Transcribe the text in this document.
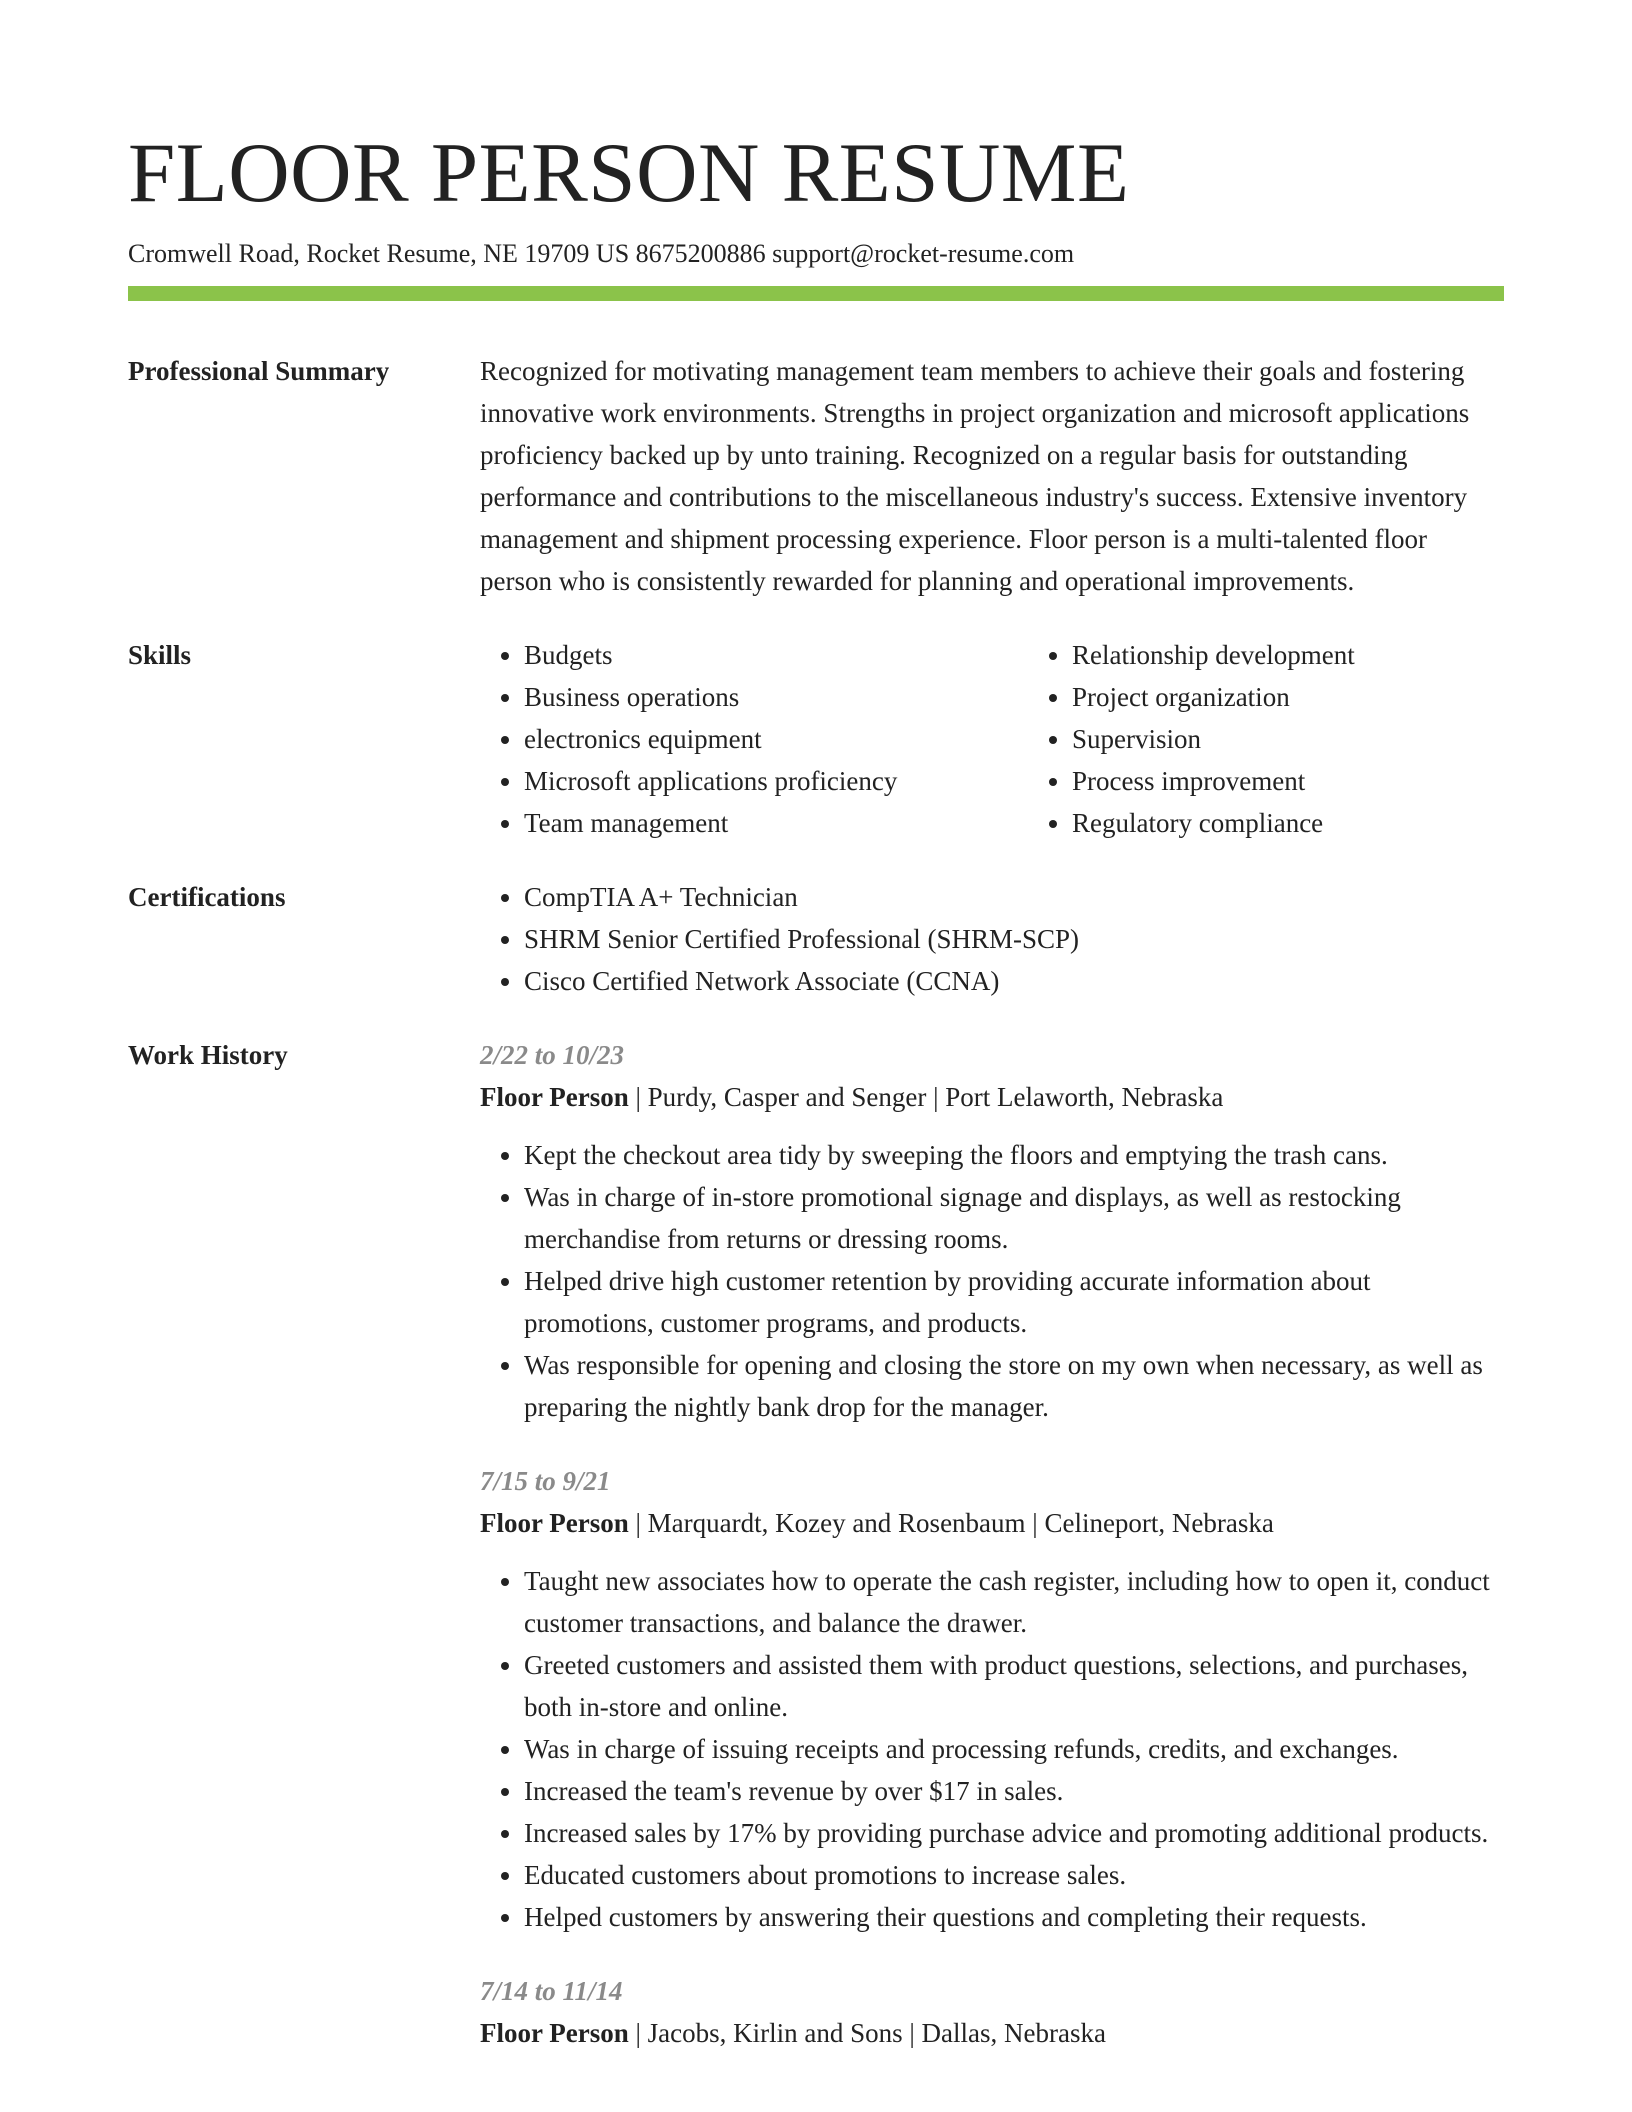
FLOOR PERSON RESUME
Cromwell Road, Rocket Resume, NE 19709 US 8675200886 support@rocket-resume.com
Professional Summary	Recognized for motivating management team members to achieve their goals and fostering innovative work environments. Strengths in project organization and microsoft applications proficiency backed up by unto training. Recognized on a regular basis for outstanding performance and contributions to the miscellaneous industry's success. Extensive inventory management and shipment processing experience. Floor person is a multi-talented floor person who is consistently rewarded for planning and operational improvements.

Skills	• Budgets
• Business operations
• electronics equipment
• Microsoft applications proficiency
• Team management
• Relationship development
• Project organization
• Supervision
• Process improvement
• Regulatory compliance
Certifications	• CompTIA A+ Technician
• SHRM Senior Certified Professional (SHRM-SCP)
• Cisco Certified Network Associate (CCNA)
Work History	2/22 to 10/23
Floor Person | Purdy, Casper and Senger | Port Lelaworth, Nebraska
• Kept the checkout area tidy by sweeping the floors and emptying the trash cans.
• Was in charge of in-store promotional signage and displays, as well as restocking merchandise from returns or dressing rooms.
• Helped drive high customer retention by providing accurate information about promotions, customer programs, and products.
• Was responsible for opening and closing the store on my own when necessary, as well as preparing the nightly bank drop for the manager.
7/15 to 9/21
Floor Person | Marquardt, Kozey and Rosenbaum | Celineport, Nebraska
• Taught new associates how to operate the cash register, including how to open it, conduct customer transactions, and balance the drawer.
• Greeted customers and assisted them with product questions, selections, and purchases, both in-store and online.
• Was in charge of issuing receipts and processing refunds, credits, and exchanges.
• Increased the team's revenue by over $17 in sales.
• Increased sales by 17% by providing purchase advice and promoting additional products.
• Educated customers about promotions to increase sales.
• Helped customers by answering their questions and completing their requests.
7/14 to 11/14
Floor Person | Jacobs, Kirlin and Sons | Dallas, Nebraska
